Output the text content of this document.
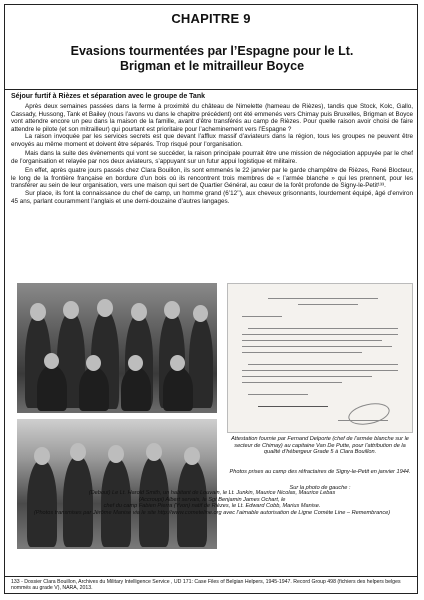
CHAPITRE 9
Evasions tourmentées par l’Espagne pour le Lt.
Brigman et le mitrailleur Boyce
Séjour furtif à Rièzes et séparation avec le groupe de Tank

Après deux semaines passées dans la ferme à proximité du château de Nimelette (hameau de Rièzes), tandis que Stock, Kolc, Gallo, Cassady, Hussong, Tank et Bailey (nous l’avons vu dans le chapitre précédent) ont été emmenés vers Chimay puis Bruxelles, Brigman et Boyce vont attendre encore un peu dans la maison de la famille, avant d’être transférés au camp de Rièzes. Pour quelle raison avoir choisi de faire attendre le pilote (et son mitrailleur) qui pourtant est prioritaire pour l’acheminement vers l’Espagne ?

La raison invoquée par les services secrets est que devant l’afflux massif d’aviateurs dans la région, tous les groupes ne peuvent être envoyés au même moment et doivent être séparés. Trop risqué pour l’organisation.

Mais dans la suite des évènements qui vont se succéder, la raison principale pourrait être une mission de négociation appuyée par le chef de l’organisation et relayée par nos deux aviateurs, s’appuyant sur un futur appui logistique et militaire.

En effet, après quatre jours passés chez Clara Bouillon, ils sont emmenés le 22 janvier par le garde champêtre de Rièzes, René Blocteur, le long de la frontière française en bordure d’un bois où ils rencontrent trois membres de « l’armée blanche » qui les prennent, pour les transférer au sein de leur organisation, vers une maison qui sert de Quartier Général, au cœur de la forêt profonde de Signy-le-Petit¹³³.

Sur place, ils font la connaissance du chef de camp, un homme grand (6’12’’), aux cheveux grisonnants, lourdement équipé, âgé d’environ 45 ans, parlant couramment l’anglais et une demi-douzaine d’autres langages.

Attestation fournie par Fernand Delporte (chef de l’armée blanche sur le secteur de Chimay) au capitaine Van De Putte, pour l’attribution de la qualité d’hébergeur Grade 5 à Clara Bouillon.
Photos prises au camp des réfractaires de Signy-le-Petit en janvier 1944.
Sur la photo de gauche :
(Debout) Le Lt. Harold Smith, un habitant de Louvain, le Lt. Junkin, Maurice Nicolas, Maurice Lebas
(Accroupi) Albert servais, le Sgt Benjamin James Ochart, le
chef du camp Fabien Pierra (Yvon) natif de Rièzes, le Lt. Edward Cobb, Marius Manise.
(Photos transmises par Jérôme Manise via le site http://www.cometeline.org avec l’aimable autorisation de Ligne Comète Line – Remembrance)
133 - Dossier Clara Bouillon, Archives du Military Intelligence Service , UD 171: Case Files of Belgian Helpers, 1945-1947. Record Group 498 (fichiers des helpers belges nommés au grade V), NARA, 2013.
